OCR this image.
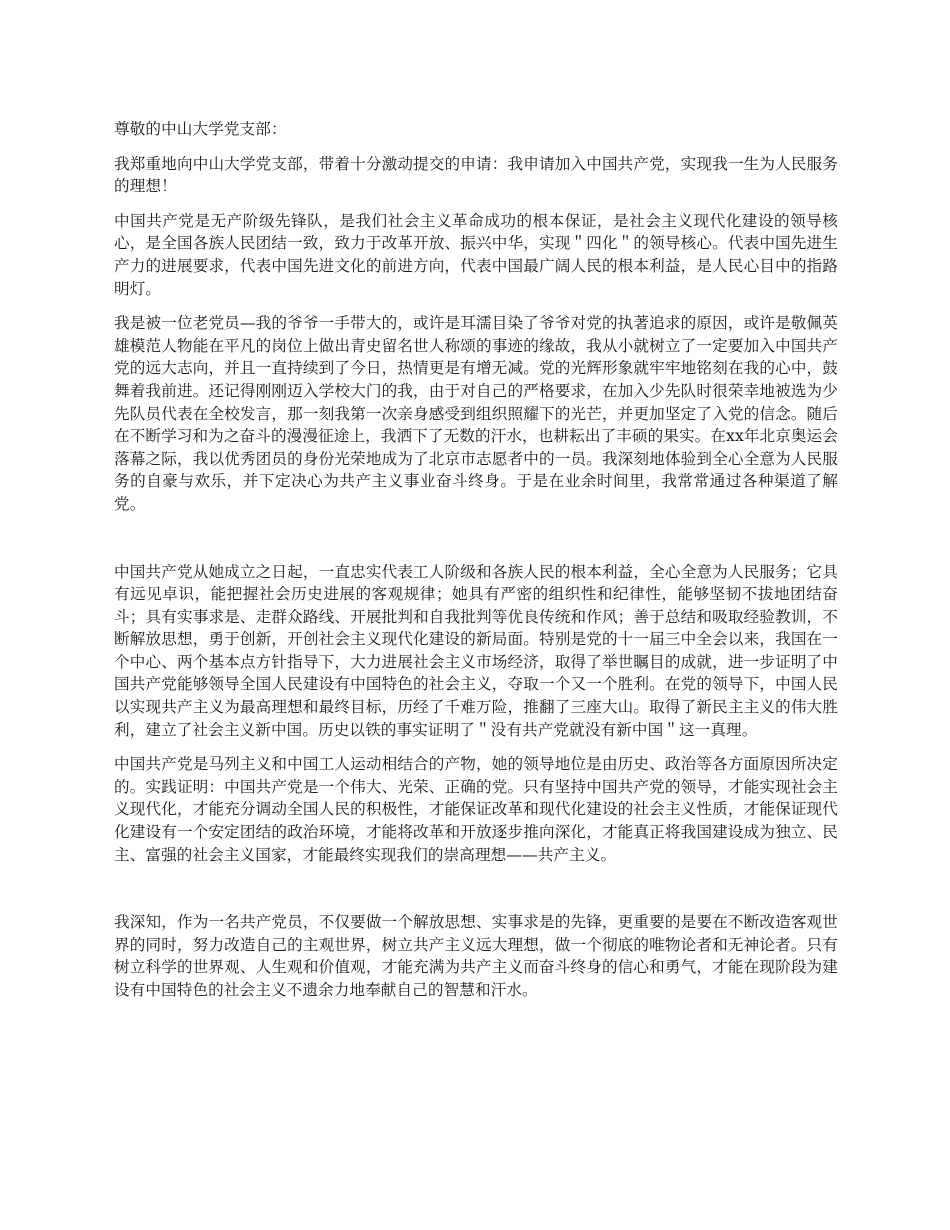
尊敬的中山大学党支部：

我郑重地向中山大学党支部，带着十分激动提交的申请：我申请加入中国共产党，实现我一生为人民服务的理想！

中国共产党是无产阶级先锋队，是我们社会主义革命成功的根本保证，是社会主义现代化建设的领导核心，是全国各族人民团结一致，致力于改革开放、振兴中华，实现＂四化＂的领导核心。代表中国先进生产力的进展要求，代表中国先进文化的前进方向，代表中国最广阔人民的根本利益，是人民心目中的指路明灯。

我是被一位老党员—我的爷爷一手带大的，或许是耳濡目染了爷爷对党的执著追求的原因，或许是敬佩英雄模范人物能在平凡的岗位上做出青史留名世人称颂的事迹的缘故，我从小就树立了一定要加入中国共产党的远大志向，并且一直持续到了今日，热情更是有增无减。党的光辉形象就牢牢地铭刻在我的心中，鼓舞着我前进。还记得刚刚迈入学校大门的我，由于对自己的严格要求，在加入少先队时很荣幸地被选为少先队员代表在全校发言，那一刻我第一次亲身感受到组织照耀下的光芒，并更加坚定了入党的信念。随后在不断学习和为之奋斗的漫漫征途上，我洒下了无数的汗水，也耕耘出了丰硕的果实。在xx年北京奥运会落幕之际，我以优秀团员的身份光荣地成为了北京市志愿者中的一员。我深刻地体验到全心全意为人民服务的自豪与欢乐，并下定决心为共产主义事业奋斗终身。于是在业余时间里，我常常通过各种渠道了解党。

中国共产党从她成立之日起，一直忠实代表工人阶级和各族人民的根本利益，全心全意为人民服务；它具有远见卓识，能把握社会历史进展的客观规律；她具有严密的组织性和纪律性，能够坚韧不拔地团结奋斗；具有实事求是、走群众路线、开展批判和自我批判等优良传统和作风；善于总结和吸取经验教训，不断解放思想，勇于创新，开创社会主义现代化建设的新局面。特别是党的十一届三中全会以来，我国在一个中心、两个基本点方针指导下，大力进展社会主义市场经济，取得了举世瞩目的成就，进一步证明了中国共产党能够领导全国人民建设有中国特色的社会主义，夺取一个又一个胜利。在党的领导下，中国人民以实现共产主义为最高理想和最终目标，历经了千难万险，推翻了三座大山。取得了新民主主义的伟大胜利，建立了社会主义新中国。历史以铁的事实证明了＂没有共产党就没有新中国＂这一真理。

中国共产党是马列主义和中国工人运动相结合的产物，她的领导地位是由历史、政治等各方面原因所决定的。实践证明：中国共产党是一个伟大、光荣、正确的党。只有坚持中国共产党的领导，才能实现社会主义现代化，才能充分调动全国人民的积极性，才能保证改革和现代化建设的社会主义性质，才能保证现代化建设有一个安定团结的政治环境，才能将改革和开放逐步推向深化，才能真正将我国建设成为独立、民主、富强的社会主义国家，才能最终实现我们的崇高理想——共产主义。

我深知，作为一名共产党员，不仅要做一个解放思想、实事求是的先锋，更重要的是要在不断改造客观世界的同时，努力改造自己的主观世界，树立共产主义远大理想，做一个彻底的唯物论者和无神论者。只有树立科学的世界观、人生观和价值观，才能充满为共产主义而奋斗终身的信心和勇气，才能在现阶段为建设有中国特色的社会主义不遗余力地奉献自己的智慧和汗水。
